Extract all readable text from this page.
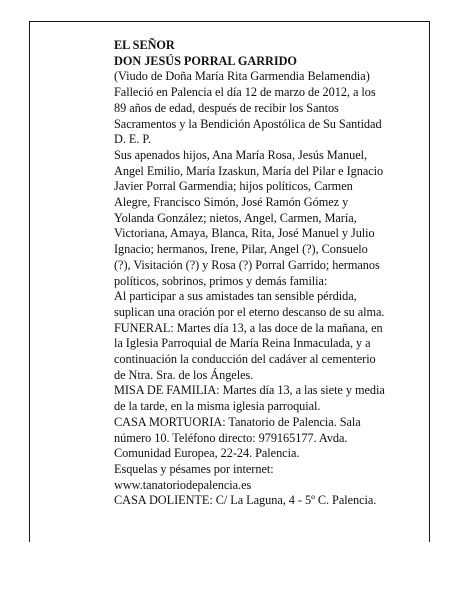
EL SEÑOR

DON JESÚS PORRAL GARRIDO

(Viudo de Doña María Rita Garmendia Belamendia)

Falleció en Palencia el día 12 de marzo de 2012, a los
89 años de edad, después de recibir los Santos
Sacramentos y la Bendición Apostólica de Su Santidad
D. E. P.

Sus apenados hijos, Ana María Rosa, Jesús Manuel,
Angel Emilio, María Izaskun, María del Pilar e Ignacio
Javier Porral Garmendia; hijos políticos, Carmen
Alegre, Francisco Simón, José Ramón Gómez y
Yolanda González; nietos, Angel, Carmen, María,
Victoriana, Amaya, Blanca, Rita, José Manuel y Julio
Ignacio; hermanos, Irene, Pilar, Angel (?), Consuelo
(?), Visitación (?) y Rosa (?) Porral Garrido; hermanos
políticos, sobrinos, primos y demás familia:

Al participar a sus amistades tan sensible pérdida,
suplican una oración por el eterno descanso de su alma.

FUNERAL: Martes día 13, a las doce de la mañana, en
la Iglesia Parroquial de María Reina Inmaculada, y a
continuación la conducción del cadáver al cementerio
de Ntra. Sra. de los Ángeles.

MISA DE FAMILIA: Martes día 13, a las siete y media
de la tarde, en la misma iglesia parroquial.

CASA MORTUORIA: Tanatorio de Palencia. Sala
número 10. Teléfono directo: 979165177. Avda.
Comunidad Europea, 22-24. Palencia.

Esquelas y pésames por internet:
www.tanatoriodepalencia.es

CASA DOLIENTE: C/ La Laguna, 4 - 5º C. Palencia.
